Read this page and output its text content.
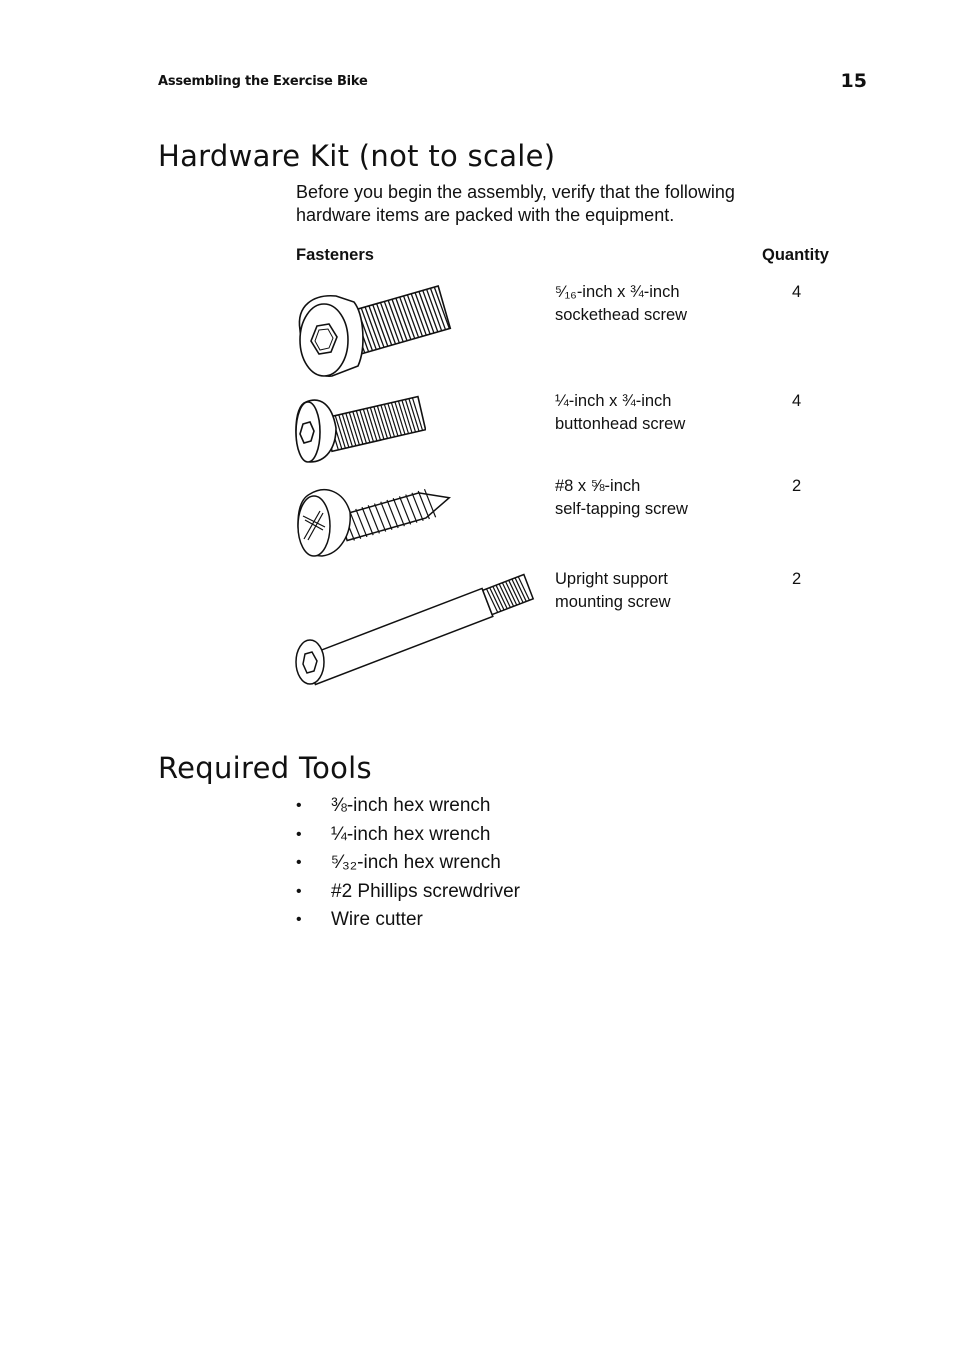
Assembling the Exercise Bike	15
Hardware Kit (not to scale)
Before you begin the assembly, verify that the following
hardware items are packed with the equipment.
Fasteners	Quantity
⁵⁄₁₆-inch x ¾-inch
sockethead screw
4
¼-inch x ¾-inch
buttonhead screw
4
#8 x ⅝-inch
self-tapping screw
2
Upright support
mounting screw
2
Required Tools
• ⅜-inch hex wrench
• ¼-inch hex wrench
• ⁵⁄₃₂-inch hex wrench
• #2 Phillips screwdriver
• Wire cutter
